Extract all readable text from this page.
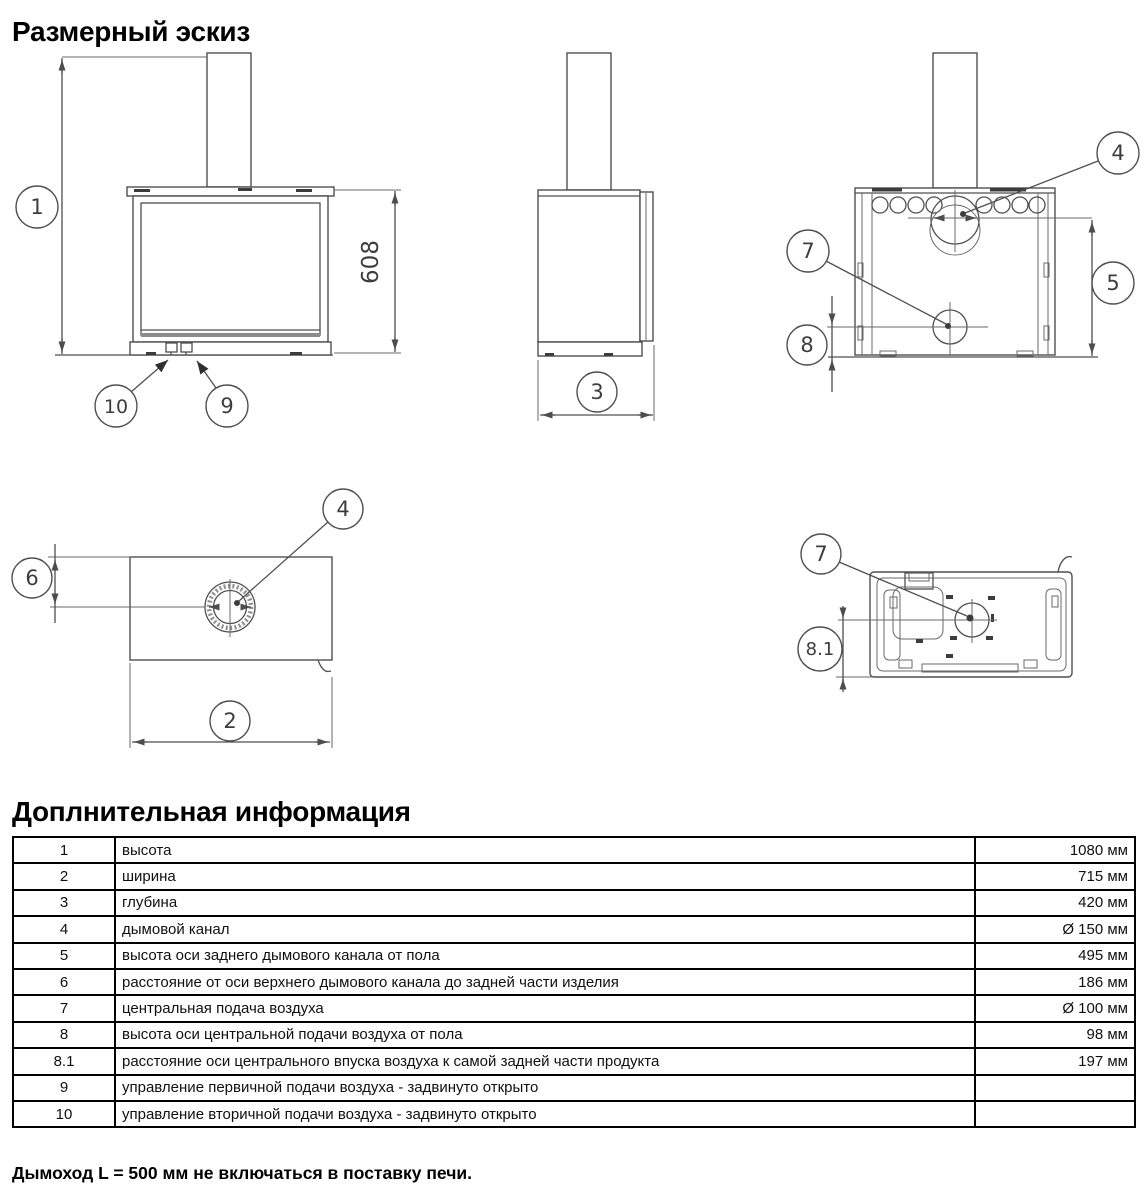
Размерный эскиз
608
1
10	9
3
4
7
8
5
4
6
2
7
8.1
Доплнительная информация
1	высота	1080 мм
2	ширина	715 мм
3	глубина	420 мм
4	дымовой канал	Ø 150 мм
5	высота оси заднего дымового канала от пола	495 мм
6	расстояние от оси верхнего дымового канала до задней части изделия	186 мм
7	центральная подача воздуха	Ø 100 мм
8	высота оси центральной подачи воздуха от пола	98 мм
8.1	расстояние оси центрального впуска воздуха к самой задней части продукта	197 мм
9	управление первичной подачи воздуха - задвинуто открыто	
10	управление вторичной подачи воздуха - задвинуто открыто	
Дымоход L = 500 мм не включаться в поставку печи.
